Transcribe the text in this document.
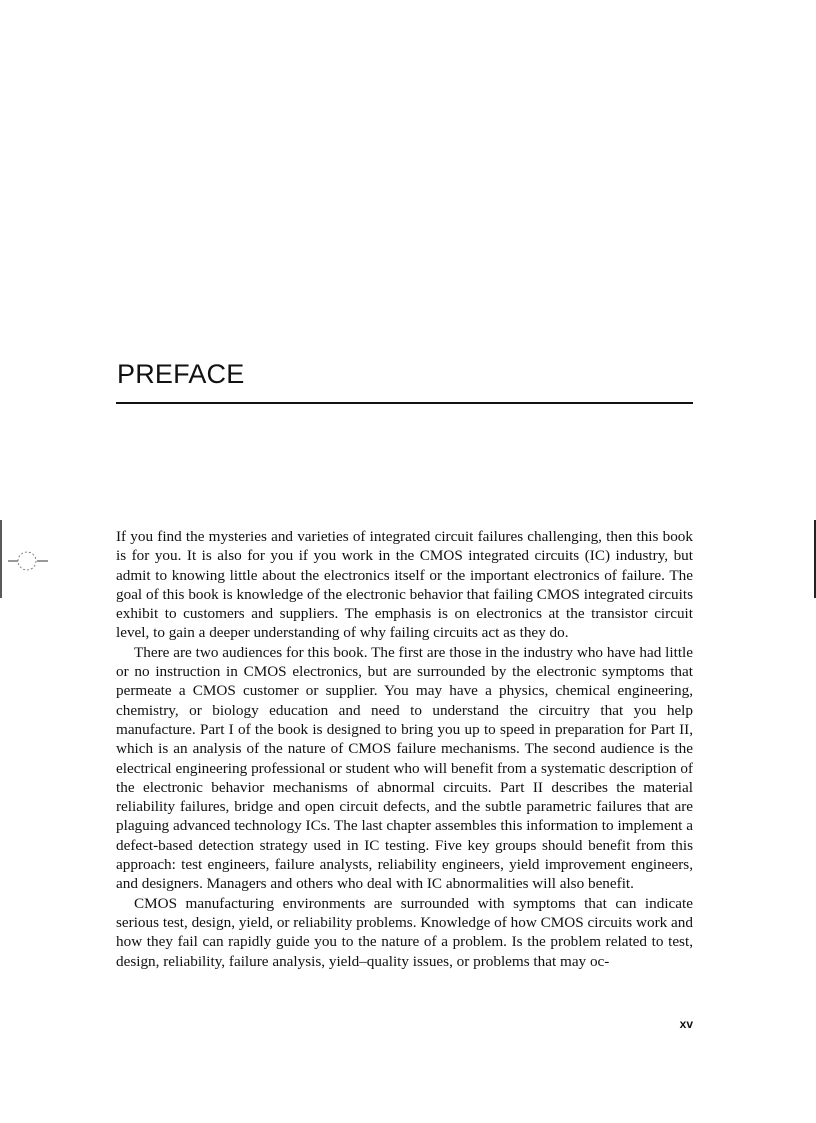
PREFACE

If you find the mysteries and varieties of integrated circuit failures challenging, then this book is for you. It is also for you if you work in the CMOS integrated circuits (IC) industry, but admit to knowing little about the electronics itself or the important electronics of failure. The goal of this book is knowledge of the electronic behavior that failing CMOS integrated circuits exhibit to customers and suppliers. The emphasis is on electronics at the transistor circuit level, to gain a deeper understanding of why failing circuits act as they do.

There are two audiences for this book. The first are those in the industry who have had little or no instruction in CMOS electronics, but are surrounded by the electronic symptoms that permeate a CMOS customer or supplier. You may have a physics, chemical engineering, chemistry, or biology education and need to understand the circuitry that you help manufacture. Part I of the book is designed to bring you up to speed in preparation for Part II, which is an analysis of the nature of CMOS failure mechanisms. The second audience is the electrical engineering professional or student who will benefit from a systematic description of the electronic behavior mechanisms of abnormal circuits. Part II describes the material reliability failures, bridge and open circuit defects, and the subtle parametric failures that are plaguing advanced technology ICs. The last chapter assembles this information to implement a defect-based detection strategy used in IC testing. Five key groups should benefit from this approach: test engineers, failure analysts, reliability engineers, yield improvement engineers, and designers. Managers and others who deal with IC abnormalities will also benefit.

CMOS manufacturing environments are surrounded with symptoms that can indicate serious test, design, yield, or reliability problems. Knowledge of how CMOS circuits work and how they fail can rapidly guide you to the nature of a problem. Is the problem related to test, design, reliability, failure analysis, yield–quality issues, or problems that may oc-

xv
